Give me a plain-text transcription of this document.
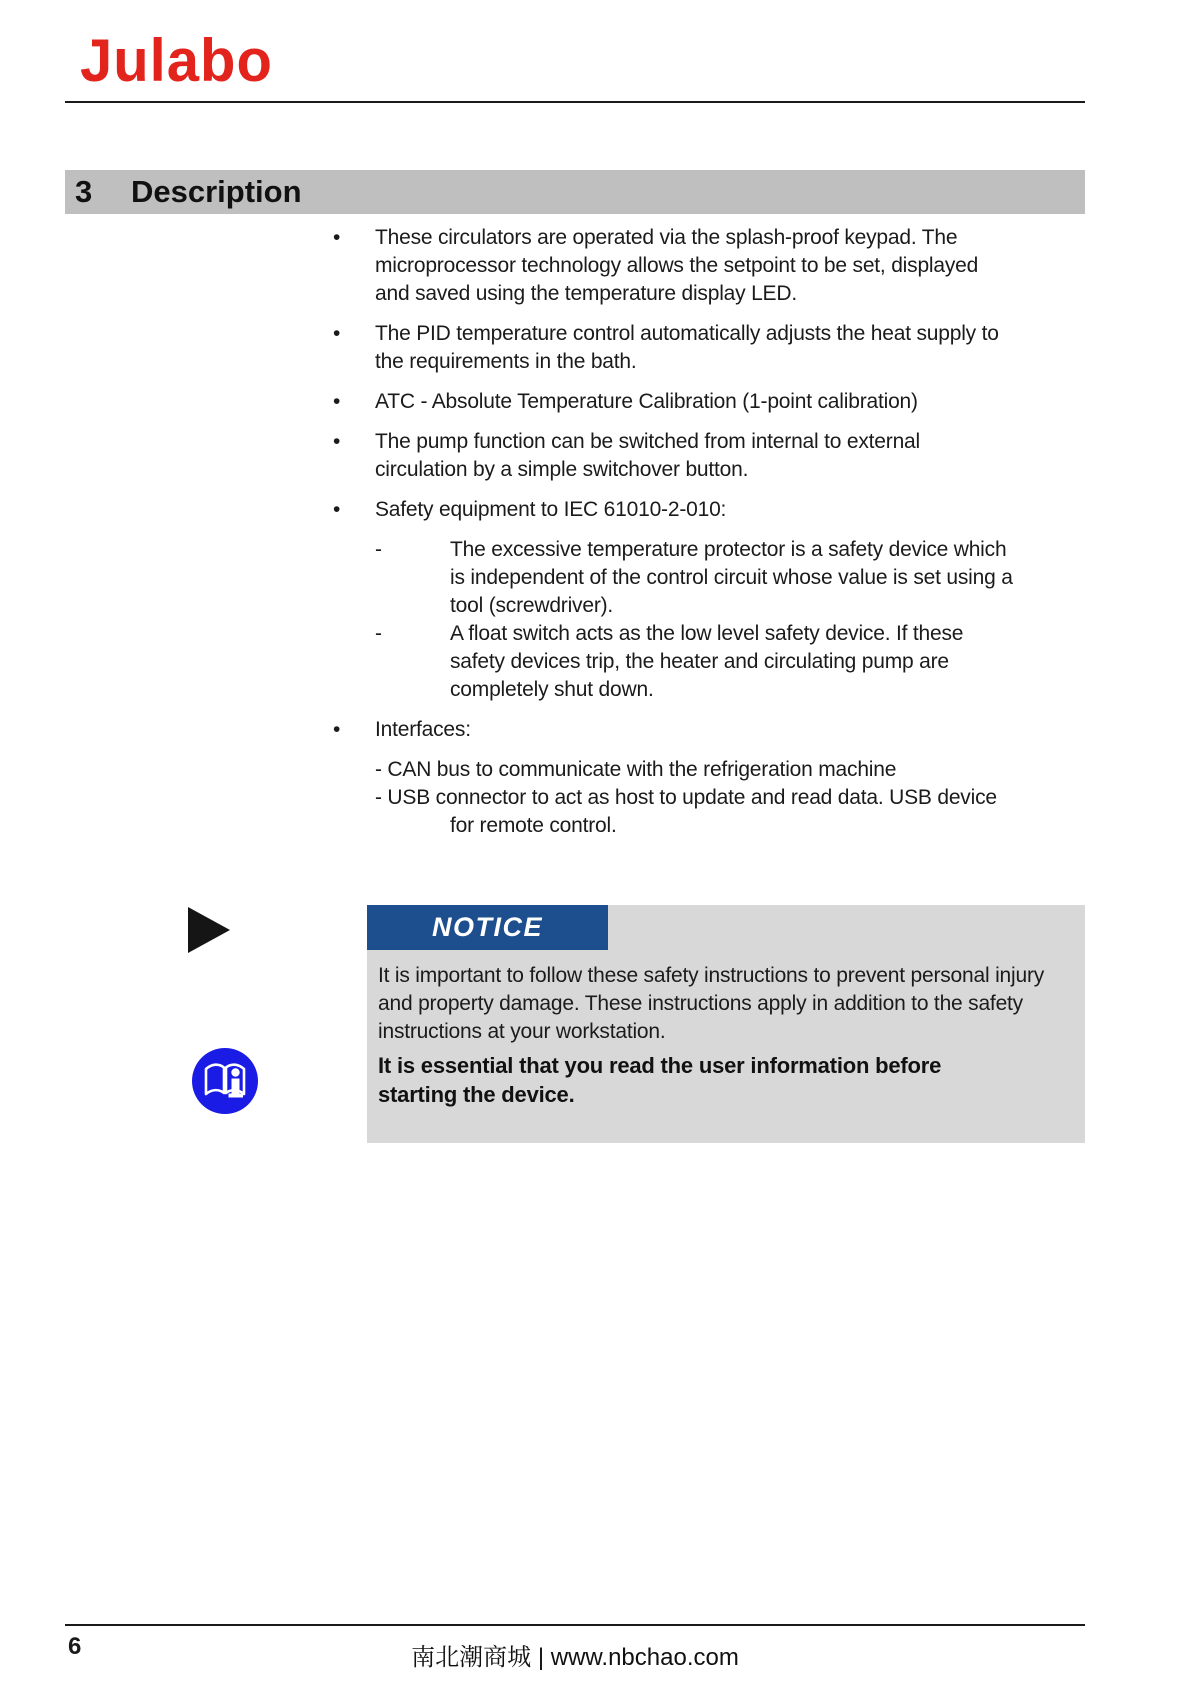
Julabo
3	Description
•	These circulators are operated via the splash-proof keypad. The microprocessor technology allows the setpoint to be set, displayed and saved using the temperature display LED.
•	The PID temperature control automatically adjusts the heat supply to the requirements in the bath.
•	ATC - Absolute Temperature Calibration (1-point calibration)
•	The pump function can be switched from internal to external circulation by a simple switchover button.
•	Safety equipment to IEC 61010-2-010:
-	The excessive temperature protector is a safety device which is independent of the control circuit whose value is set using a tool (screwdriver).
-	A float switch acts as the low level safety device. If these safety devices trip, the heater and circulating pump are completely shut down.
•	Interfaces:
- CAN bus to communicate with the refrigeration machine
- USB connector to act as host to update and read data. USB device
for remote control.
NOTICE

It is important to follow these safety instructions to prevent personal injury and property damage. These instructions apply in addition to the safety instructions at your workstation.

It is essential that you read the user information before starting the device.

6	南北潮商城 | www.nbchao.com
